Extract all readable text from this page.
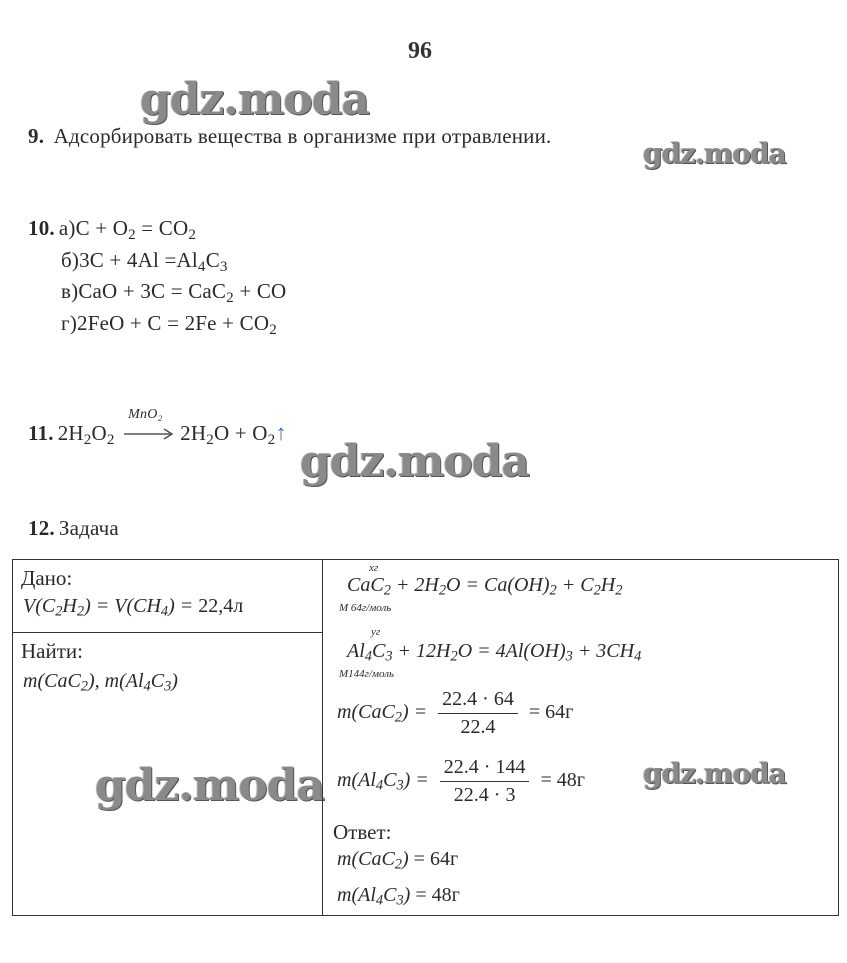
96
gdz.moda
gdz.moda
gdz.moda
gdz.moda	gdz.moda
9. Адсорбировать вещества в организме при отравлении.
10. $а)C + O_2 = CO_2$
$б)3C + 4Al =Al_4C_3$
в)CaO + 3C = CaC$_2$ + CO
$г)2FeO + C = 2Fe + CO_2$
11. $2H_2O_2$
MnO₂
$2H_2O$ + $O_2↑$
12. Задача
Дано:
$V(C_2H_2) = V(CH_4) = 22,4л$

xг
$CaC_2 + 2H_2O = Ca(OH)_2 + C_2H_2$
M 64г/моль
yг
$Al_4C_3 + 12H_2O = 4Al(OH)_3 + 3CH_4$
M144г/моль
$m(CaC_2) = \frac{22.4 \cdot 64}{22.4} = 64г$
$m(Al_4C_3) = \frac{22.4 \cdot 144}{22.4 \cdot 3} = 48г$
Ответ:
m(CaC$_2$) = 64г
$m(Al_4C_3) = 48г$

Найти:
m(CaC$_2$), $m(Al_4C_3)$
